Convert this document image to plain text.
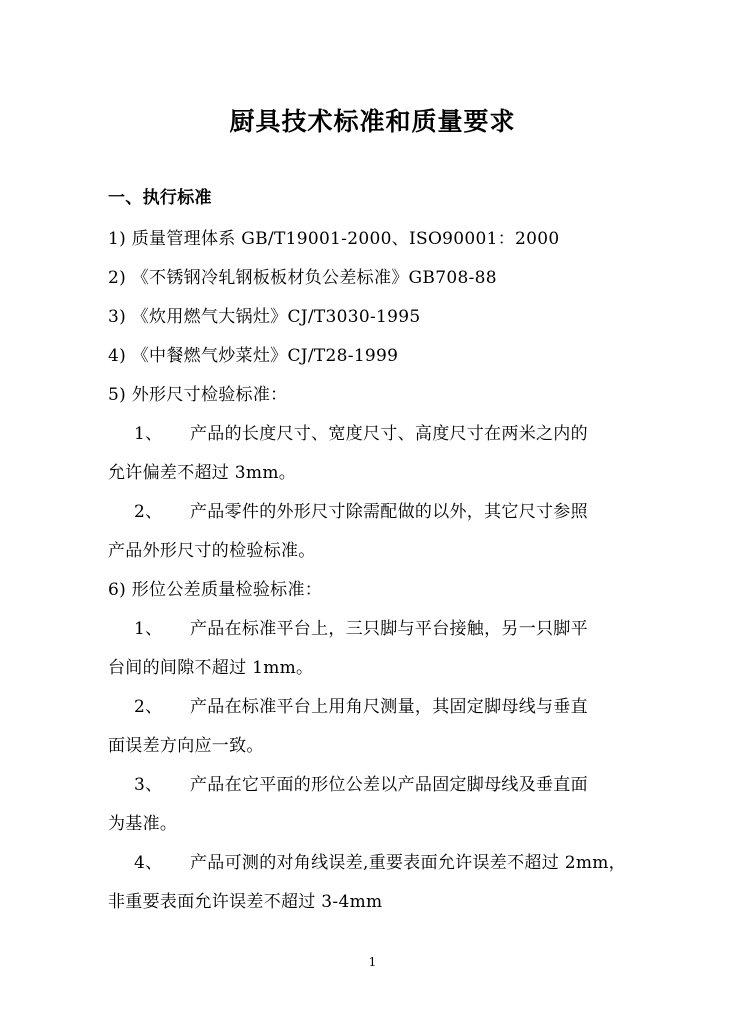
厨具技术标准和质量要求
一、执行标准
1) 质量管理体系 GB/T19001-2000、ISO90001：2000
2) 《不锈钢冷轧钢板板材负公差标准》GB708-88
3) 《炊用燃气大锅灶》CJ/T3030-1995
4) 《中餐燃气炒菜灶》CJ/T28-1999
5) 外形尺寸检验标准：
1、 产品的长度尺寸、宽度尺寸、高度尺寸在两米之内的
允许偏差不超过 3mm。
2、 产品零件的外形尺寸除需配做的以外，其它尺寸参照
产品外形尺寸的检验标准。
6) 形位公差质量检验标准：
1、 产品在标准平台上，三只脚与平台接触，另一只脚平
台间的间隙不超过 1mm。
2、 产品在标准平台上用角尺测量，其固定脚母线与垂直
面误差方向应一致。
3、 产品在它平面的形位公差以产品固定脚母线及垂直面
为基准。
4、 产品可测的对角线误差,重要表面允许误差不超过 2mm，
非重要表面允许误差不超过 3-4mm
1
